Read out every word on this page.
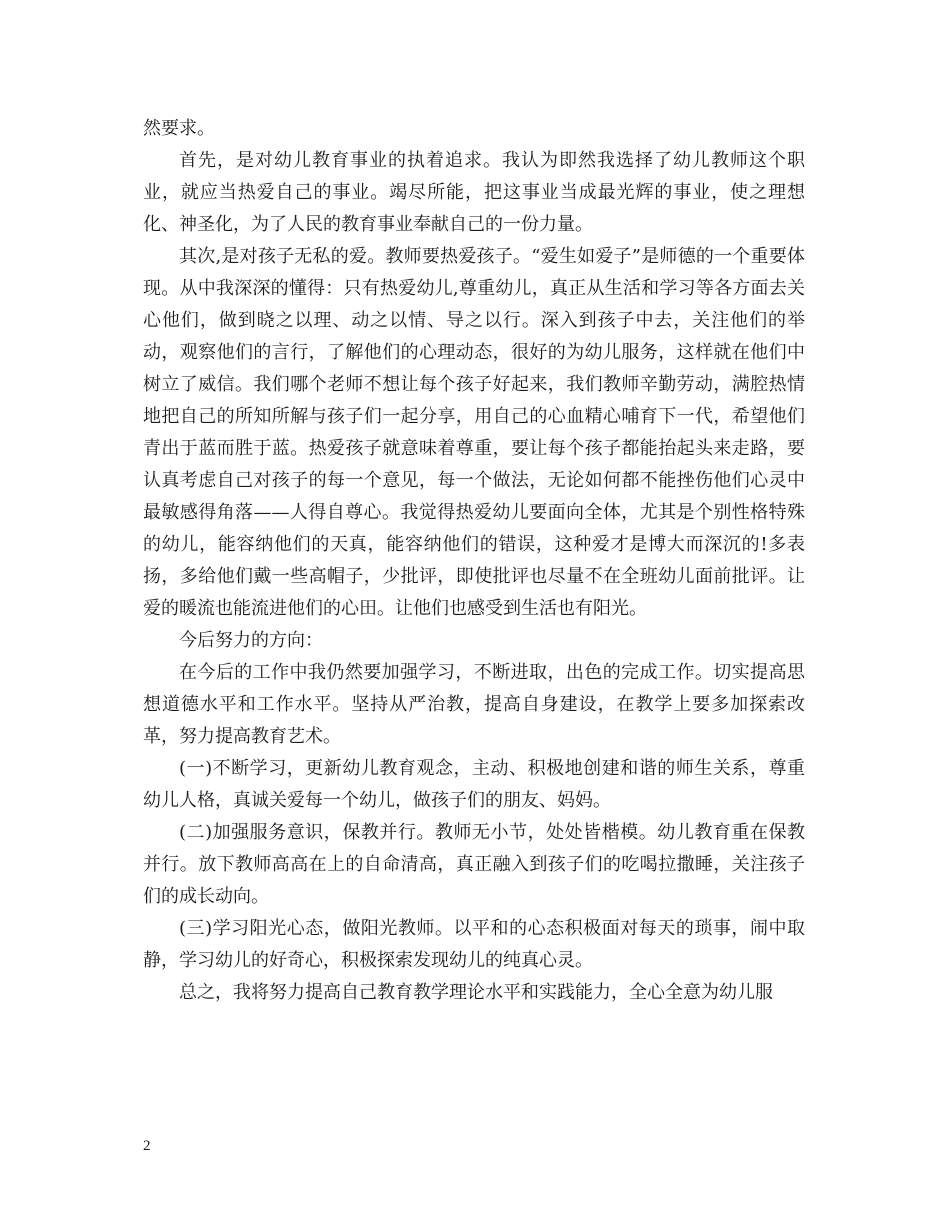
然要求。

首先，是对幼儿教育事业的执着追求。我认为即然我选择了幼儿教师这个职业，就应当热爱自己的事业。竭尽所能，把这事业当成最光辉的事业，使之理想化、神圣化，为了人民的教育事业奉献自己的一份力量。

其次,是对孩子无私的爱。教师要热爱孩子。“爱生如爱子”是师德的一个重要体现。从中我深深的懂得：只有热爱幼儿,尊重幼儿，真正从生活和学习等各方面去关心他们，做到晓之以理、动之以情、导之以行。深入到孩子中去，关注他们的举动，观察他们的言行，了解他们的心理动态，很好的为幼儿服务，这样就在他们中树立了威信。我们哪个老师不想让每个孩子好起来，我们教师辛勤劳动，满腔热情地把自己的所知所解与孩子们一起分享，用自己的心血精心哺育下一代，希望他们青出于蓝而胜于蓝。热爱孩子就意味着尊重，要让每个孩子都能抬起头来走路，要认真考虑自己对孩子的每一个意见，每一个做法，无论如何都不能挫伤他们心灵中最敏感得角落——人得自尊心。我觉得热爱幼儿要面向全体，尤其是个别性格特殊的幼儿，能容纳他们的天真，能容纳他们的错误，这种爱才是博大而深沉的!多表扬，多给他们戴一些高帽子，少批评，即使批评也尽量不在全班幼儿面前批评。让爱的暖流也能流进他们的心田。让他们也感受到生活也有阳光。

今后努力的方向：

在今后的工作中我仍然要加强学习，不断进取，出色的完成工作。切实提高思想道德水平和工作水平。坚持从严治教，提高自身建设，在教学上要多加探索改革，努力提高教育艺术。

(一)不断学习，更新幼儿教育观念，主动、积极地创建和谐的师生关系，尊重幼儿人格，真诚关爱每一个幼儿，做孩子们的朋友、妈妈。

(二)加强服务意识，保教并行。教师无小节，处处皆楷模。幼儿教育重在保教并行。放下教师高高在上的自命清高，真正融入到孩子们的吃喝拉撒睡，关注孩子们的成长动向。

(三)学习阳光心态，做阳光教师。以平和的心态积极面对每天的琐事，闹中取静，学习幼儿的好奇心，积极探索发现幼儿的纯真心灵。

总之，我将努力提高自己教育教学理论水平和实践能力，全心全意为幼儿服

2
